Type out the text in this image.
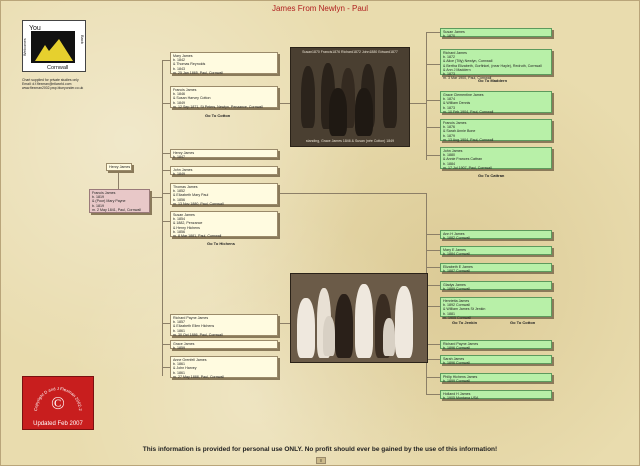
James From Newlyn - Paul
You
Welcomes	Back
Cornwall
Chart supplied for private studies only
Email: d.f.flexman@ntlworld.com
www.flexman2002.pwp.blueyonder.co.uk
Copyright D and J Flexman 2002-2
©
Updated Feb 2007
Henry James
Francis James
b. 1819
& (Poor) Mary Payne
b. 1819
m. 2 May 1841, Paul, Cornwall
Mary James
b. 1842
& Thomas Reynolds
b. 1843
m. 25 Jan 1865, Paul, Cornwall
Francis James
b. 1846
& Susan Harvey Cotton
b. 1849
m. 12 Sep 1871, St Peters, Newlyn, Penzance, Cornwall
Go To Cotton
Henry James
b. 1847
John James
b. 1849
Thomas James
b. 1852
& Elizabeth Mary Paul
b. 1856
m. 13 Nov 1880, Paul, Cornwall
Susan James
b. 1854
& 1882, Penzance
& Henry Hichens
b. 1856
m. 8 Mar 1881, Paul, Cornwall
Go To Hichens
Richard Payne James
b. 1857
& Elizabeth Ellen Hichens
b. 1861
m. 30 Oct 1886, Paul, Cornwall
Grace James
b. 1859
Anne Grenfell James
b. 1861
& John Harvey
b. 1861
m. 27 May 1888, Paul, Cornwall
Susan1870 Francis1876 Richard1872 John1880 Edward1877
standing, Grace James 1846 & Susan (née Cotton) 1849
Susan James
b. 1870
Richard James
b. 1872
& Alice (Tilly) Newlyn, Cornwall
& Bertha Elizabeth, Gorfinkel, (near Hayle), Redruth, Cornwall
& Ann J Maddern
b. 1873
m. 3 Mar 1900, Paul, Cornwall
Go To Maddern
Grace Clementine James
b. 1874
& William Dennis
b. 1873
m. 10 Feb 1904, Paul, Cornwall
Francis James
b. 1876
& Sarah Annie Bone
b. 1879
m. 13 Aug 1904, Paul, Cornwall
John James
b. 1880
& Annie Frances Cattran
b. 1884
m. 17 Jul 1907, Paul, Cornwall
Go To Cattran
Ann H James
b. 1882 Cornwall
Mary E James
b. 1884 Cornwall
Elizabeth E James
b. 1887 Cornwall
Gladys James
b. 1889 Cornwall
Henrietta James
b. 1892 Cornwall
& William James St Jenkin
b. 1881
m. 1905 Cornwall
Go To Jenkin	Go To Cotton
Richard Payne James
b. 1896 Cornwall
Sarah James
b. 1896 Cornwall
Philip Hichens James
b. 1899 Cornwall
Holland H James
b. 1905 Montana USA
This information is provided for personal use ONLY. No profit should ever be gained by the use of this information!
≡
